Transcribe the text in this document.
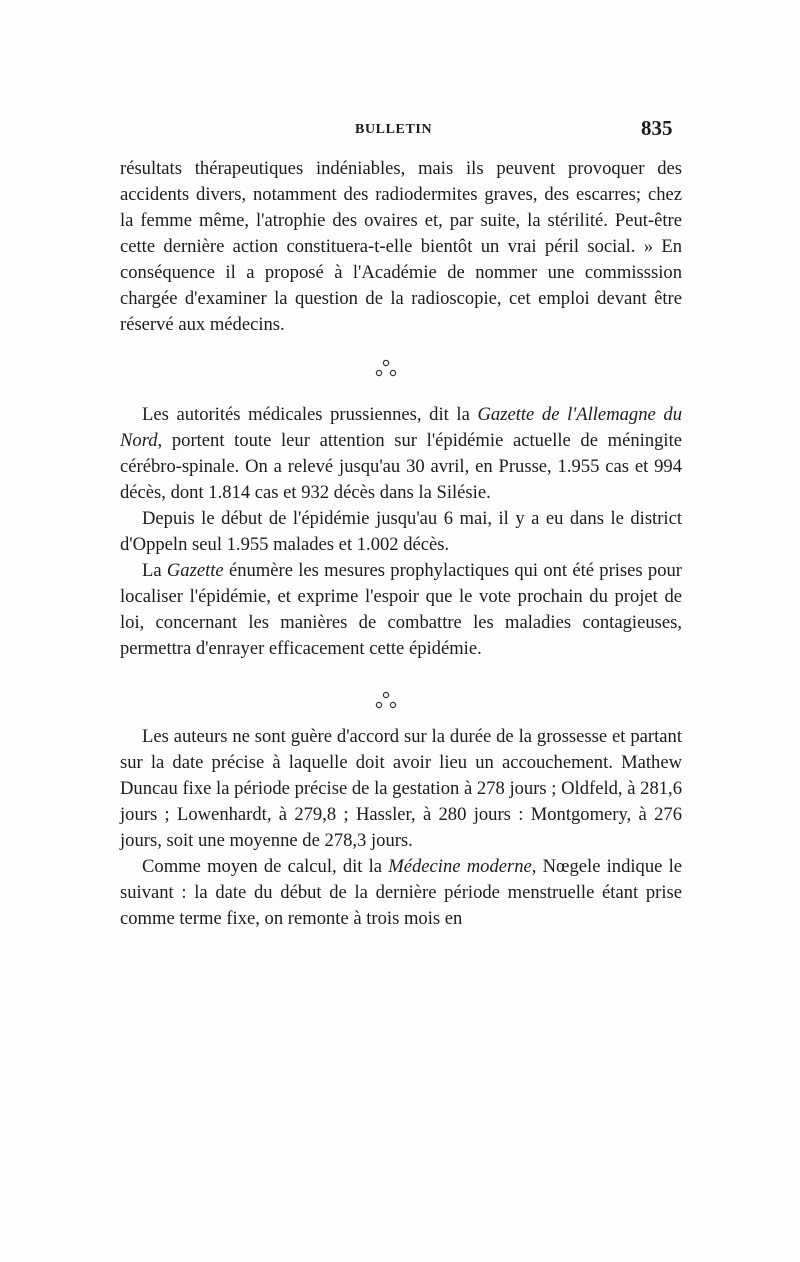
BULLETIN	835

résultats thérapeutiques indéniables, mais ils peuvent provoquer des accidents divers, notamment des radiodermites graves, des escarres; chez la femme même, l'atrophie des ovaires et, par suite, la stérilité. Peut-être cette dernière action constituera-t-elle bientôt un vrai péril social. » En conséquence il a proposé à l'Académie de nommer une commisssion chargée d'examiner la question de la radioscopie, cet emploi devant être réservé aux médecins.

Les autorités médicales prussiennes, dit la Gazette de l'Allemagne du Nord, portent toute leur attention sur l'épidémie actuelle de méningite cérébro-spinale. On a relevé jusqu'au 30 avril, en Prusse, 1.955 cas et 994 décès, dont 1.814 cas et 932 décès dans la Silésie.

Depuis le début de l'épidémie jusqu'au 6 mai, il y a eu dans le district d'Oppeln seul 1.955 malades et 1.002 décès.

La Gazette énumère les mesures prophylactiques qui ont été prises pour localiser l'épidémie, et exprime l'espoir que le vote prochain du projet de loi, concernant les manières de combattre les maladies contagieuses, permettra d'enrayer efficacement cette épidémie.

Les auteurs ne sont guère d'accord sur la durée de la grossesse et partant sur la date précise à laquelle doit avoir lieu un accouchement. Mathew Duncau fixe la période précise de la gestation à 278 jours ; Oldfeld, à 281,6 jours ; Lowenhardt, à 279,8 ; Hassler, à 280 jours : Montgomery, à 276 jours, soit une moyenne de 278,3 jours.

Comme moyen de calcul, dit la Médecine moderne, Nœgele indique le suivant : la date du début de la dernière période menstruelle étant prise comme terme fixe, on remonte à trois mois en
